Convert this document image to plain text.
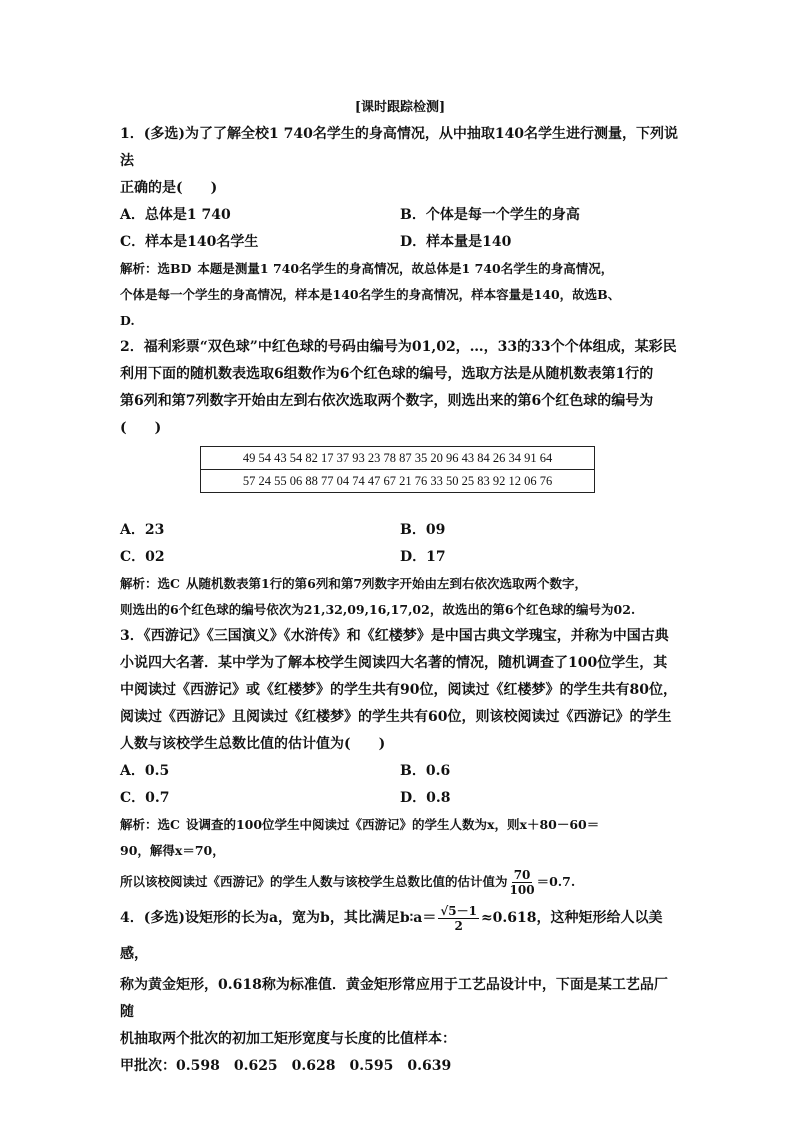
[课时跟踪检测]
1．(多选)为了了解全校1 740名学生的身高情况，从中抽取140名学生进行测量，下列说法
正确的是(　　)
A．总体是1 740	B．个体是每一个学生的身高
C．样本是140名学生	D．样本量是140
解析：选BD 本题是测量1 740名学生的身高情况，故总体是1 740名学生的身高情况，
个体是每一个学生的身高情况，样本是140名学生的身高情况，样本容量是140，故选B、
D.
2．福利彩票“双色球”中红色球的号码由编号为01,02，…，33的33个个体组成，某彩民
利用下面的随机数表选取6组数作为6个红色球的编号，选取方法是从随机数表第1行的
第6列和第7列数字开始由左到右依次选取两个数字，则选出来的第6个红色球的编号为
(　　)
49 54 43 54 82 17 37 93 23 78 87 35 20 96 43 84 26 34 91 64
57 24 55 06 88 77 04 74 47 67 21 76 33 50 25 83 92 12 06 76
A．23	B．09
C．02	D．17
解析：选C 从随机数表第1行的第6列和第7列数字开始由左到右依次选取两个数字，
则选出的6个红色球的编号依次为21,32,09,16,17,02，故选出的第6个红色球的编号为02.
3．《西游记》《三国演义》《水浒传》和《红楼梦》是中国古典文学瑰宝，并称为中国古典
小说四大名著．某中学为了解本校学生阅读四大名著的情况，随机调查了100位学生，其
中阅读过《西游记》或《红楼梦》的学生共有90位，阅读过《红楼梦》的学生共有80位，
阅读过《西游记》且阅读过《红楼梦》的学生共有60位，则该校阅读过《西游记》的学生
人数与该校学生总数比值的估计值为(　　)
A．0.5	B．0.6
C．0.7	D．0.8
解析：选C 设调查的100位学生中阅读过《西游记》的学生人数为x，则x＋80－60＝
90，解得x＝70，
所以该校阅读过《西游记》的学生人数与该校学生总数比值的估计值为 $\frac{70}{100} =0.7$.
4．(多选)设矩形的长为a，宽为b，其比满足b∶a＝ $\frac{√5-1}{2} \approx 0.618$，这种矩形给人以美感，
称为黄金矩形，0.618称为标准值．黄金矩形常应用于工艺品设计中，下面是某工艺品厂随
机抽取两个批次的初加工矩形宽度与长度的比值样本：
甲批次：0.598　0.625　0.628　0.595　0.639
